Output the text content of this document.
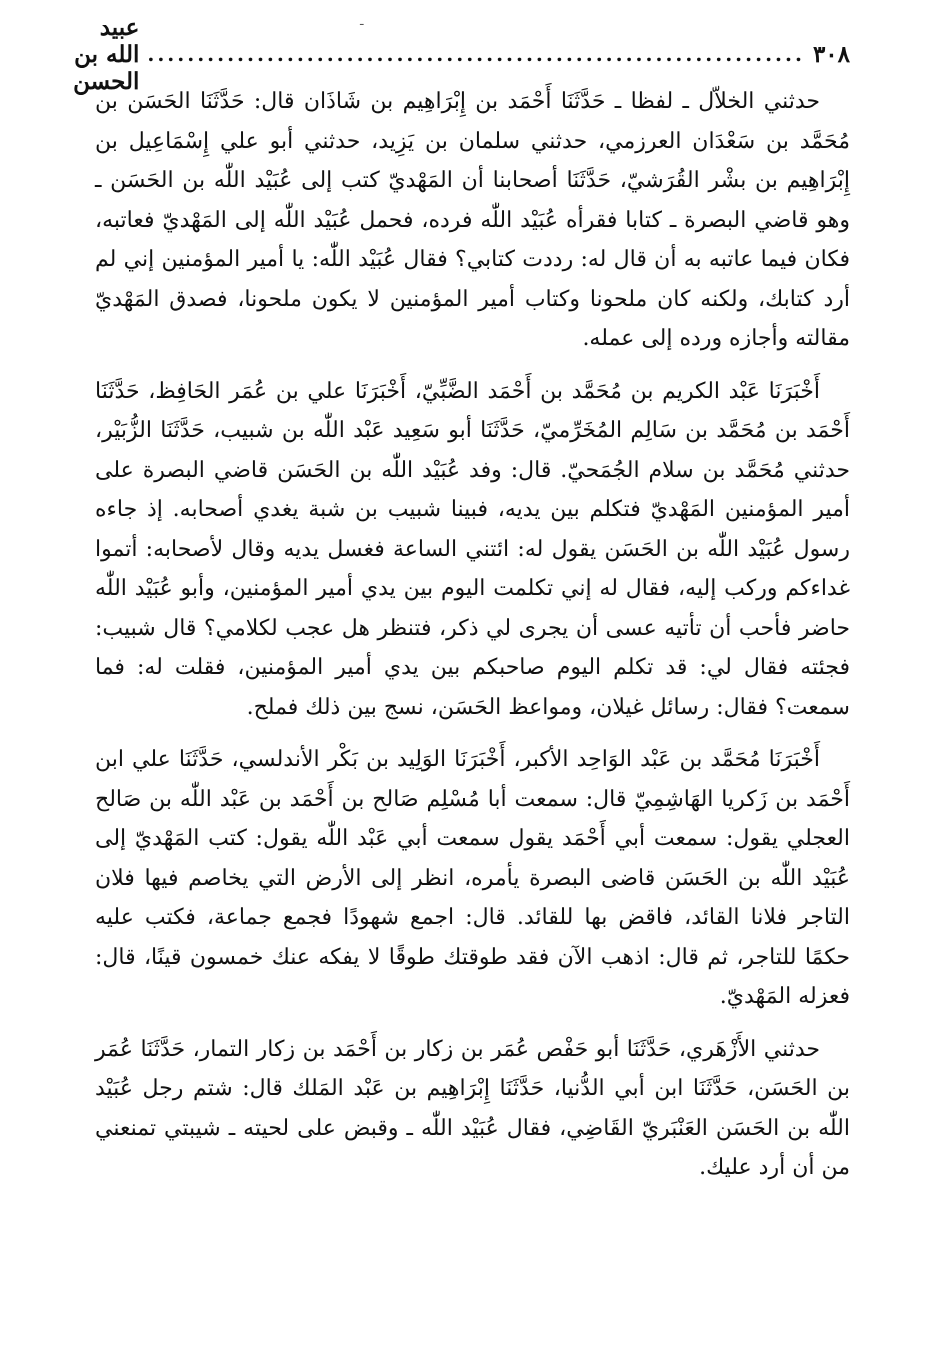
ـ
٣٠٨
..................................................................
عبيد الله بن الحسن

حدثني الخلاّل ـ لفظا ـ حَدَّثَنَا أَحْمَد بن إِبْرَاهِيم بن شَاذَان قال: حَدَّثَنَا الحَسَن بن مُحَمَّد بن سَعْدَان العرزمي، حدثني سلمان بن يَزِيد، حدثني أبو علي إِسْمَاعِيل بن إِبْرَاهِيم بن بشْر القُرَشيّ، حَدَّثَنَا أصحابنا أن المَهْديّ كتب إلى عُبَيْد اللّٰه بن الحَسَن ـ وهو قاضي البصرة ـ كتابا فقرأه عُبَيْد اللّٰه فرده، فحمل عُبَيْد اللّٰه إلى المَهْديّ فعاتبه، فكان فيما عاتبه به أن قال له: رددت كتابي؟ فقال عُبَيْد اللّٰه: يا أمير المؤمنين إني لم أرد كتابك، ولكنه كان ملحونا وكتاب أمير المؤمنين لا يكون ملحونا، فصدق المَهْديّ مقالته وأجازه ورده إلى عمله.

أَخْبَرَنَا عَبْد الكريم بن مُحَمَّد بن أَحْمَد الضَّبِّيّ، أَخْبَرَنَا علي بن عُمَر الحَافِظ، حَدَّثَنَا أَحْمَد بن مُحَمَّد بن سَالِم المُخَرِّميّ، حَدَّثَنَا أبو سَعِيد عَبْد اللّٰه بن شبيب، حَدَّثَنَا الزُّبَيْر، حدثني مُحَمَّد بن سلام الجُمَحيّ. قال: وفد عُبَيْد اللّٰه بن الحَسَن قاضي البصرة على أمير المؤمنين المَهْديّ فتكلم بين يديه، فبينا شبيب بن شبة يغدي أصحابه. إذ جاءه رسول عُبَيْد اللّٰه بن الحَسَن يقول له: ائتني الساعة فغسل يديه وقال لأصحابه: أتموا غداءكم وركب إليه، فقال له إني تكلمت اليوم بين يدي أمير المؤمنين، وأبو عُبَيْد اللّٰه حاضر فأحب أن تأتيه عسى أن يجرى لي ذكر، فتنظر هل عجب لكلامي؟ قال شبيب: فجئته فقال لي: قد تكلم اليوم صاحبكم بين يدي أمير المؤمنين، فقلت له: فما سمعت؟ فقال: رسائل غيلان، ومواعظ الحَسَن، نسج بين ذلك فملح.

أَخْبَرَنَا مُحَمَّد بن عَبْد الوَاحِد الأكبر، أَخْبَرَنَا الوَلِيد بن بَكْر الأندلسي، حَدَّثَنَا علي ابن أَحْمَد بن زَكريا الهَاشِمِيّ قال: سمعت أبا مُسْلِم صَالح بن أَحْمَد بن عَبْد اللّٰه بن صَالح العجلي يقول: سمعت أبي أَحْمَد يقول سمعت أبي عَبْد اللّٰه يقول: كتب المَهْديّ إلى عُبَيْد اللّٰه بن الحَسَن قاضى البصرة يأمره، انظر إلى الأرض التي يخاصم فيها فلان التاجر فلانا القائد، فاقض بها للقائد. قال: اجمع شهودًا فجمع جماعة، فكتب عليه حكمًا للتاجر، ثم قال: اذهب الآن فقد طوقتك طوقًا لا يفكه عنك خمسون قينًا، قال: فعزله المَهْديّ.

حدثني الأَزْهَري، حَدَّثَنَا أبو حَفْص عُمَر بن زكار بن أَحْمَد بن زكار التمار، حَدَّثَنَا عُمَر بن الحَسَن، حَدَّثَنَا ابن أبي الدُّنيا، حَدَّثَنَا إِبْرَاهِيم بن عَبْد المَلك قال: شتم رجل عُبَيْد اللّٰه بن الحَسَن العَنْبَريّ القَاضِي، فقال عُبَيْد اللّٰه ـ وقبض على لحيته ـ شيبتي تمنعني من أن أرد عليك.
